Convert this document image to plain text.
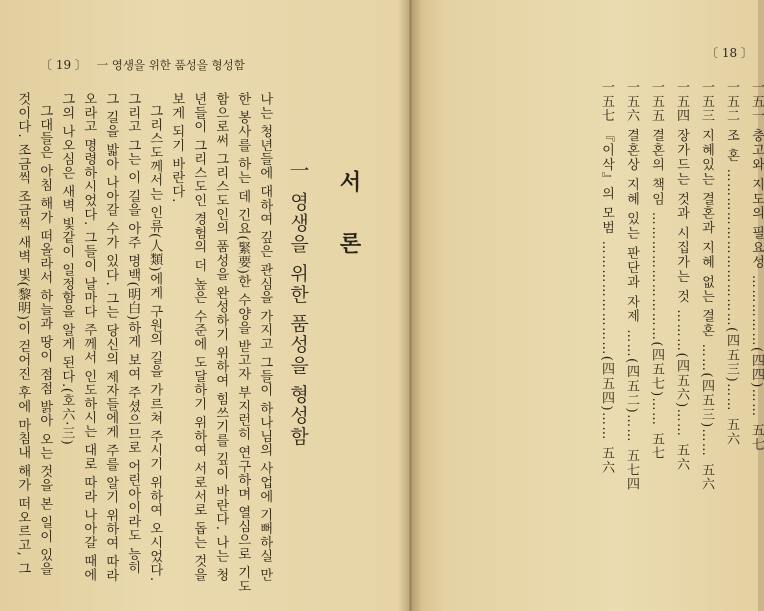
〔 19 〕 一 영생을 위한 품성을 형성함
서 론
一
영생을 위한 품성을 형성함
나는 청년들에 대하여 깊은 관심을 가지고 그들이 하나님의 사업에 기뻐하실 만
한 봉사를 하는 데 긴요(緊要)한 수양을 받고자 부지런히 연구하며 열심으로 기도
함으로써 그리스도인의 품성을 완성하기 위하여 힘쓰기를 깊이 바란다. 나는 청
년들이 그리스도인 경험의 더 높은 수준에 도달하기 위하여 서로서로 돕는 것을
보게 되기 바란다.
그리스도께서는 인류(人類)에게 구원의 길을 가르쳐 주시기 위하여 오시었다.
그리고 그는 이 길을 아주 명백(明白)하게 보여 주셨으므로 어린아이라도 능히
그 길을 밟아 나아갈 수가 있다. 그는 당신의 제자들에게 주를 알기 위하여 따라
오라고 명령하시었다. 그들이 날마다 주께서 인도하시는 대로 따라 나아갈 때에
그의 나오심은 새벽 빛같이 일정함을 알게 된다.(호六·三)
그대들은 아침 해가 떠올라서 하늘과 땅이 점점 밝아 오는 것을 본 일이 있을
것이다. 조금씩 조금씩 새벽 빛(黎明)이 걷어진 후에 마침내 해가 떠오르고, 그	一五一 충고와 지도의 필요성 ……………(四四)…… 五七
一五二 조 혼 ……………………………(四五三)…… 五六
一五三 지혜있는 결혼과 지혜 없는 결혼 ……(四五三)…… 五六
一五四 장가드는 것과 시집가는 것 ………(四五六)…… 五六
一五五 결혼의 책임 ………………………(四五七)…… 五七
一五六 결혼상 지혜 있는 판단과 자제 ……(四五二)…… 五七四
一五七 『이삭』의 모범 ……………………(四五四)…… 五六
〔 18 〕
